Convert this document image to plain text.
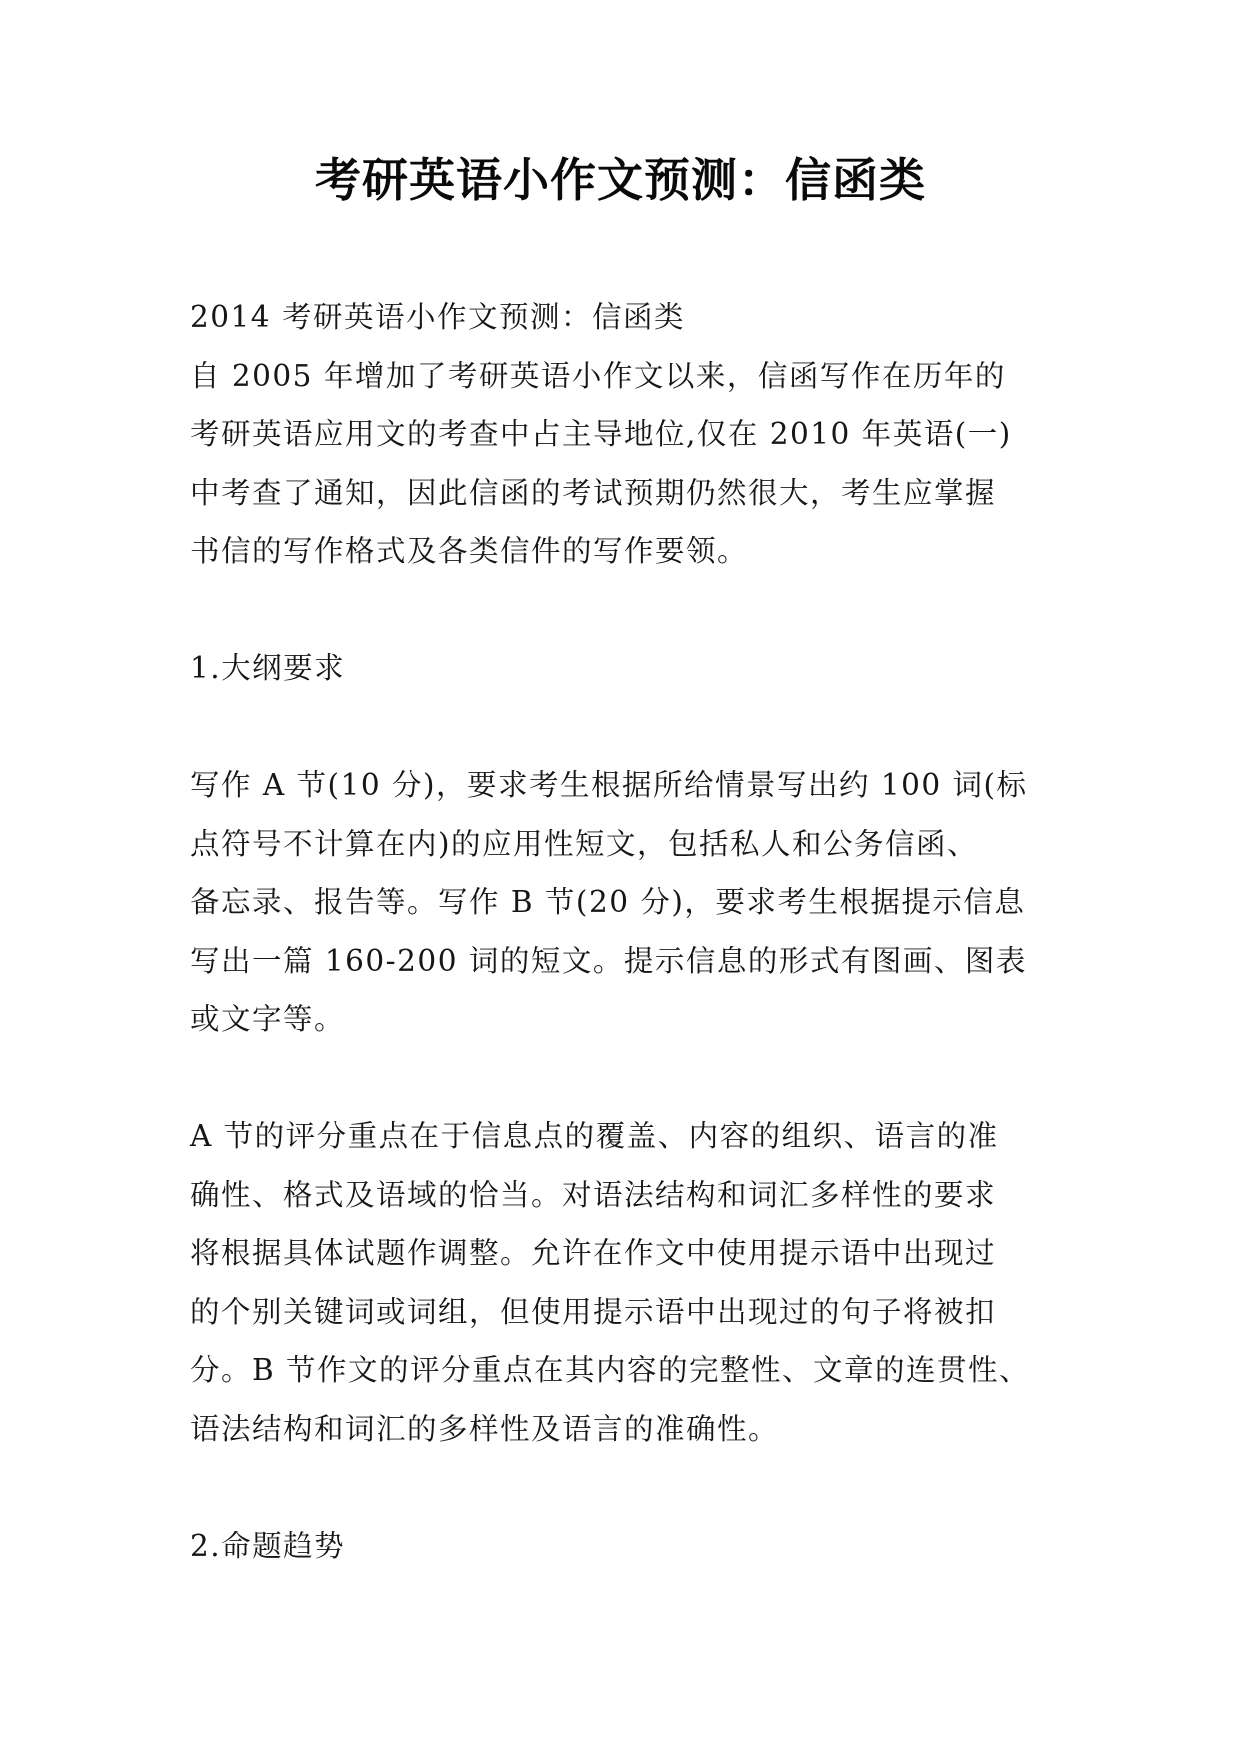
考研英语小作文预测：信函类

2014 考研英语小作文预测：信函类

自 2005 年增加了考研英语小作文以来，信函写作在历年的
考研英语应用文的考查中占主导地位,仅在 2010 年英语(一)
中考查了通知，因此信函的考试预期仍然很大，考生应掌握
书信的写作格式及各类信件的写作要领。

1.大纲要求

写作 A 节(10 分)，要求考生根据所给情景写出约 100 词(标
点符号不计算在内)的应用性短文，包括私人和公务信函、
备忘录、报告等。写作 B 节(20 分)，要求考生根据提示信息
写出一篇 160-200 词的短文。提示信息的形式有图画、图表
或文字等。

A 节的评分重点在于信息点的覆盖、内容的组织、语言的准
确性、格式及语域的恰当。对语法结构和词汇多样性的要求
将根据具体试题作调整。允许在作文中使用提示语中出现过
的个别关键词或词组，但使用提示语中出现过的句子将被扣
分。B 节作文的评分重点在其内容的完整性、文章的连贯性、
语法结构和词汇的多样性及语言的准确性。

2.命题趋势
